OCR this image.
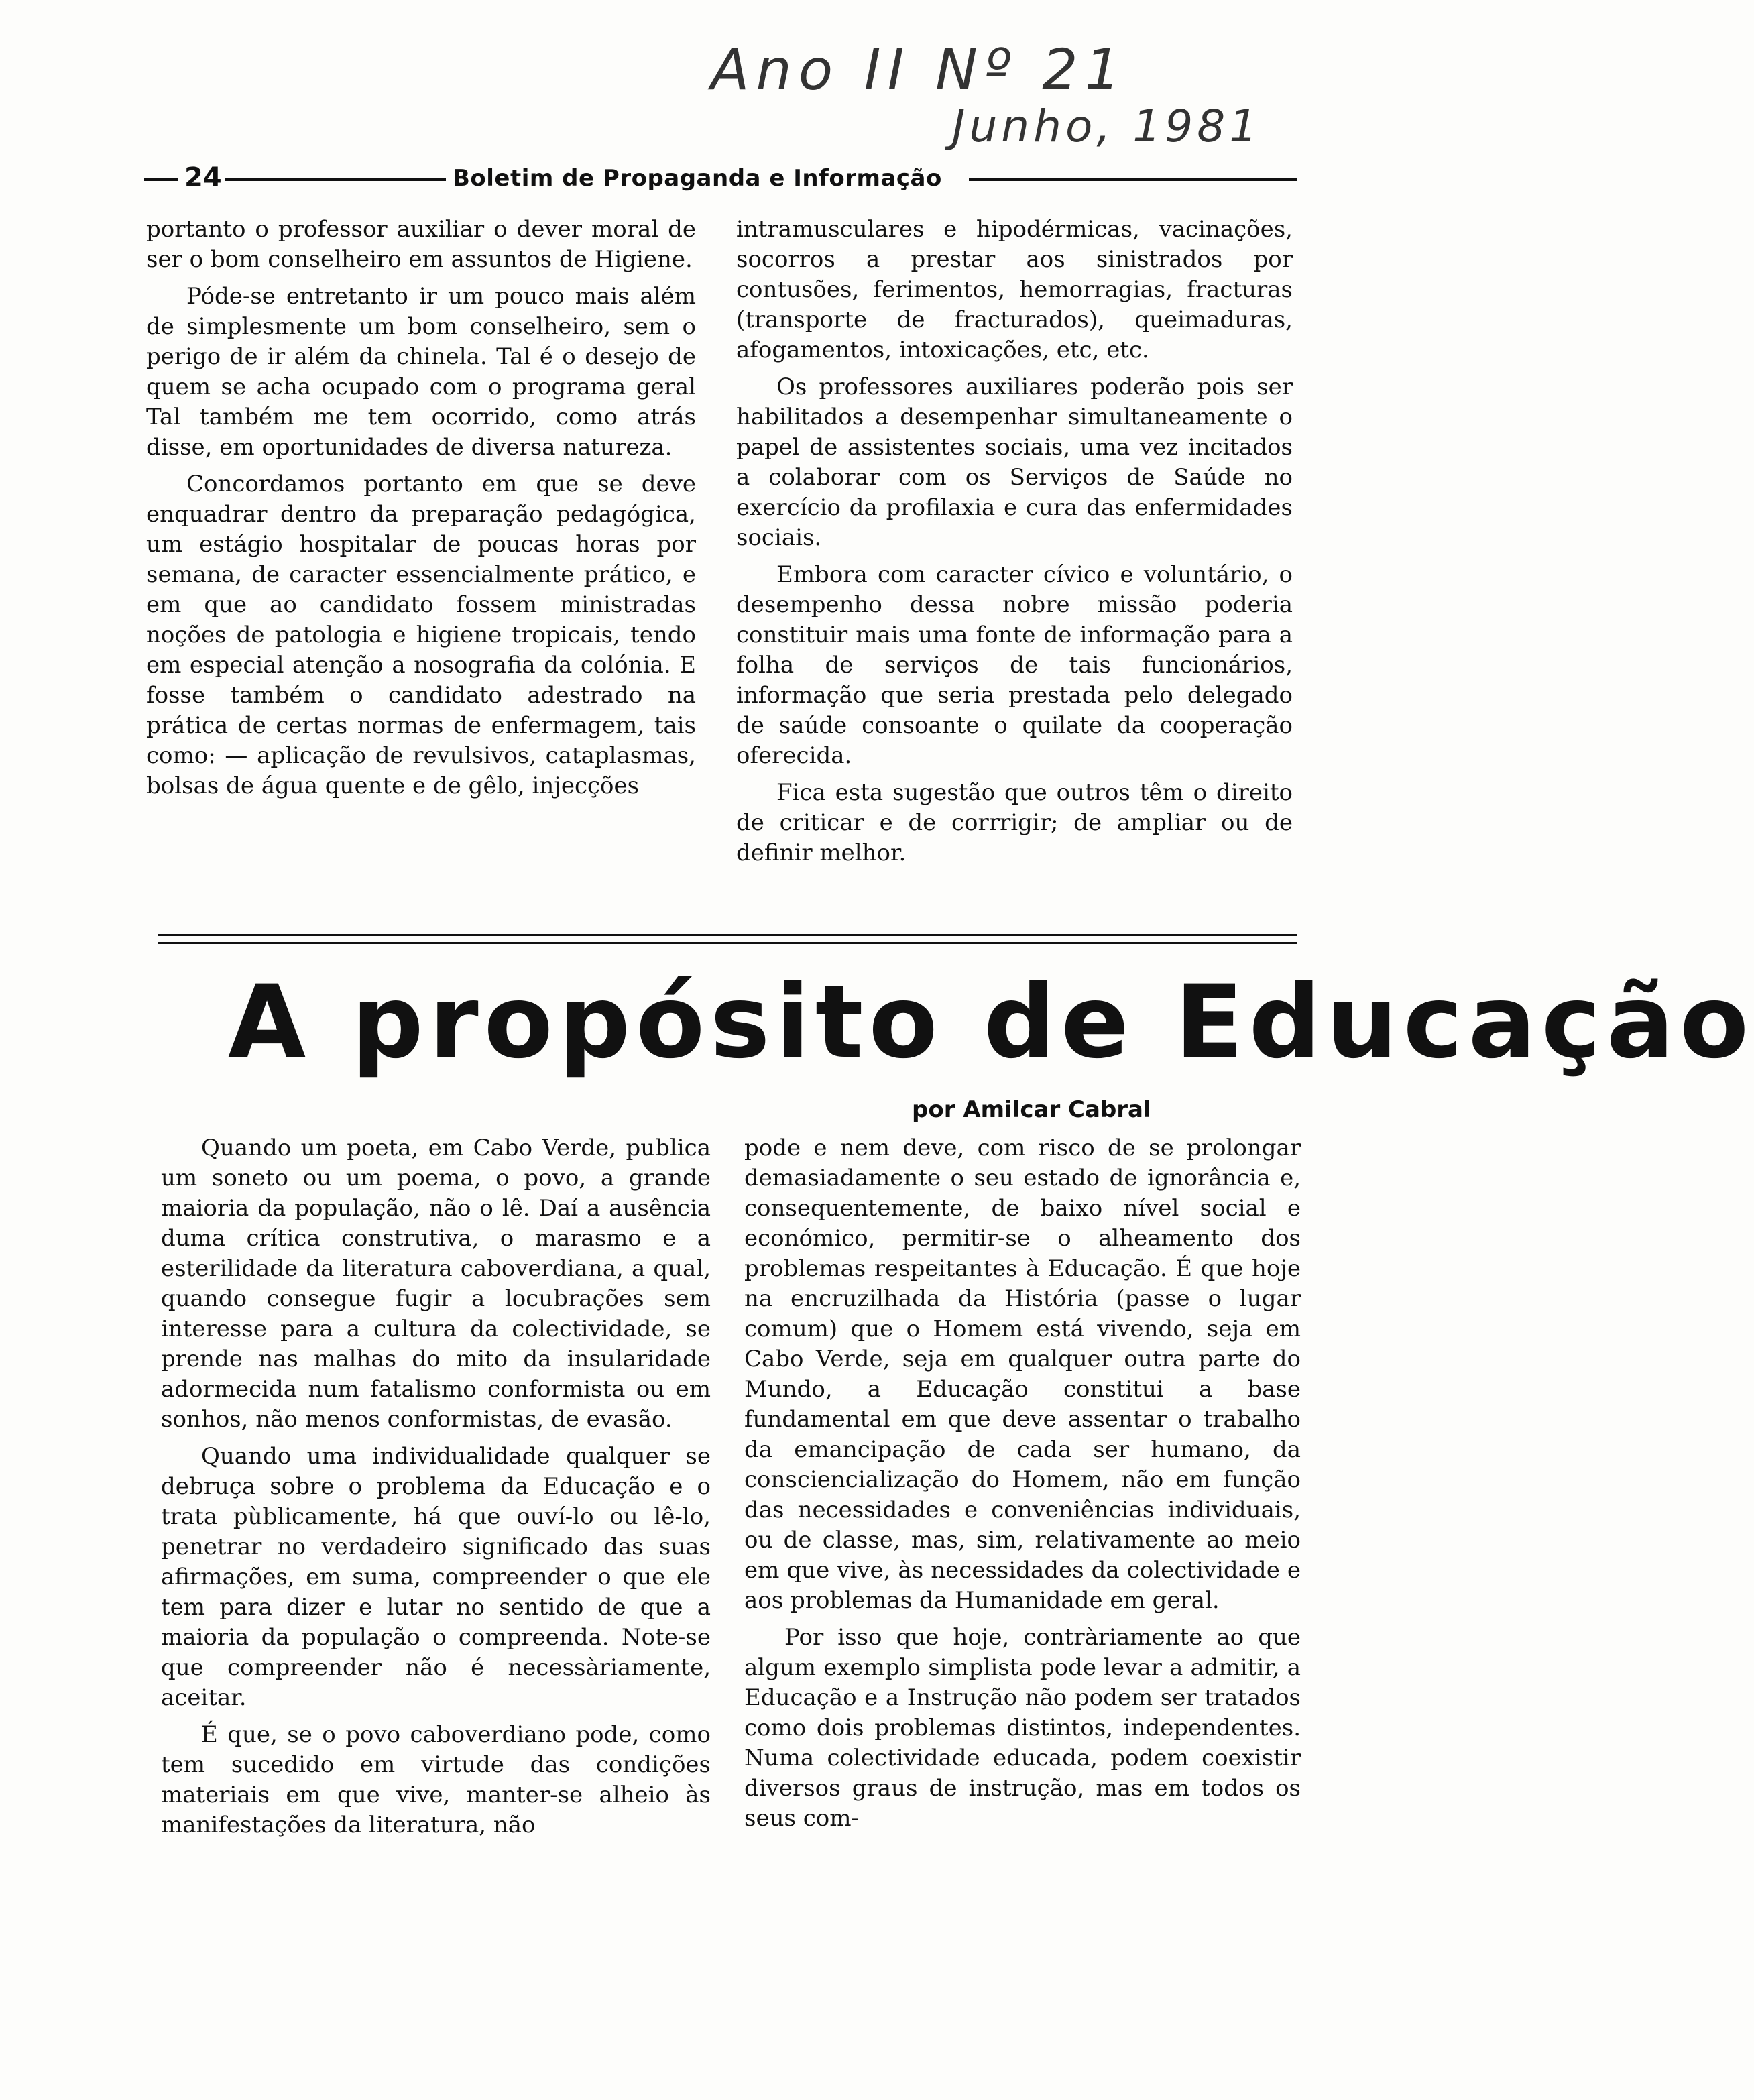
Ano II Nº 21
Junho, 1981
24	Boletim de Propaganda e Informação

portanto o professor auxiliar o dever moral de ser o bom conselheiro em assuntos de Higiene.

Póde-se entretanto ir um pouco mais além de simplesmente um bom conselheiro, sem o perigo de ir além da chinela. Tal é o desejo de quem se acha ocupado com o programa geral Tal também me tem ocorrido, como atrás disse, em oportunidades de diversa natureza.

Concordamos portanto em que se deve enquadrar dentro da preparação pedagógica, um estágio hospitalar de poucas horas por semana, de caracter essencialmente prático, e em que ao candidato fossem ministradas noções de patologia e higiene tropicais, tendo em especial atenção a nosografia da colónia. E fosse também o candidato adestrado na prática de certas normas de enfermagem, tais como: — aplicação de revulsivos, cataplasmas, bolsas de água quente e de gêlo, injecções

intramusculares e hipodérmicas, vacinações, socorros a prestar aos sinistrados por contusões, ferimentos, hemorragias, fracturas (transporte de fracturados), queimaduras, afogamentos, intoxicações, etc, etc.

Os professores auxiliares poderão pois ser habilitados a desempenhar simultaneamente o papel de assistentes sociais, uma vez incitados a colaborar com os Serviços de Saúde no exercício da profilaxia e cura das enfermidades sociais.

Embora com caracter cívico e voluntário, o desempenho dessa nobre missão poderia constituir mais uma fonte de informação para a folha de serviços de tais funcionários, informação que seria prestada pelo delegado de saúde consoante o quilate da cooperação oferecida.

Fica esta sugestão que outros têm o direito de criticar e de corrrigir; de ampliar ou de definir melhor.

A propósito de Educação
por Amilcar Cabral

Quando um poeta, em Cabo Verde, publica um soneto ou um poema, o povo, a grande maioria da população, não o lê. Daí a ausência duma crítica construtiva, o marasmo e a esterilidade da literatura caboverdiana, a qual, quando consegue fugir a locubrações sem interesse para a cultura da colectividade, se prende nas malhas do mito da insularidade adormecida num fatalismo conformista ou em sonhos, não menos conformistas, de evasão.

Quando uma individualidade qualquer se debruça sobre o problema da Educação e o trata pùblicamente, há que ouví-lo ou lê-lo, penetrar no verdadeiro significado das suas afirmações, em suma, compreender o que ele tem para dizer e lutar no sentido de que a maioria da população o compreenda. Note-se que compreender não é necessàriamente, aceitar.

É que, se o povo caboverdiano pode, como tem sucedido em virtude das condições materiais em que vive, manter-se alheio às manifestações da literatura, não

pode e nem deve, com risco de se prolongar demasiadamente o seu estado de ignorância e, consequentemente, de baixo nível social e económico, permitir-se o alheamento dos problemas respeitantes à Educação. É que hoje na encruzilhada da História (passe o lugar comum) que o Homem está vivendo, seja em Cabo Verde, seja em qualquer outra parte do Mundo, a Educação constitui a base fundamental em que deve assentar o trabalho da emancipação de cada ser humano, da consciencialização do Homem, não em função das necessidades e conveniências individuais, ou de classe, mas, sim, relativamente ao meio em que vive, às necessidades da colectividade e aos problemas da Humanidade em geral.

Por isso que hoje, contràriamente ao que algum exemplo simplista pode levar a admitir, a Educação e a Instrução não podem ser tratados como dois problemas distintos, independentes. Numa colectividade educada, podem coexistir diversos graus de instrução, mas em todos os seus com-
